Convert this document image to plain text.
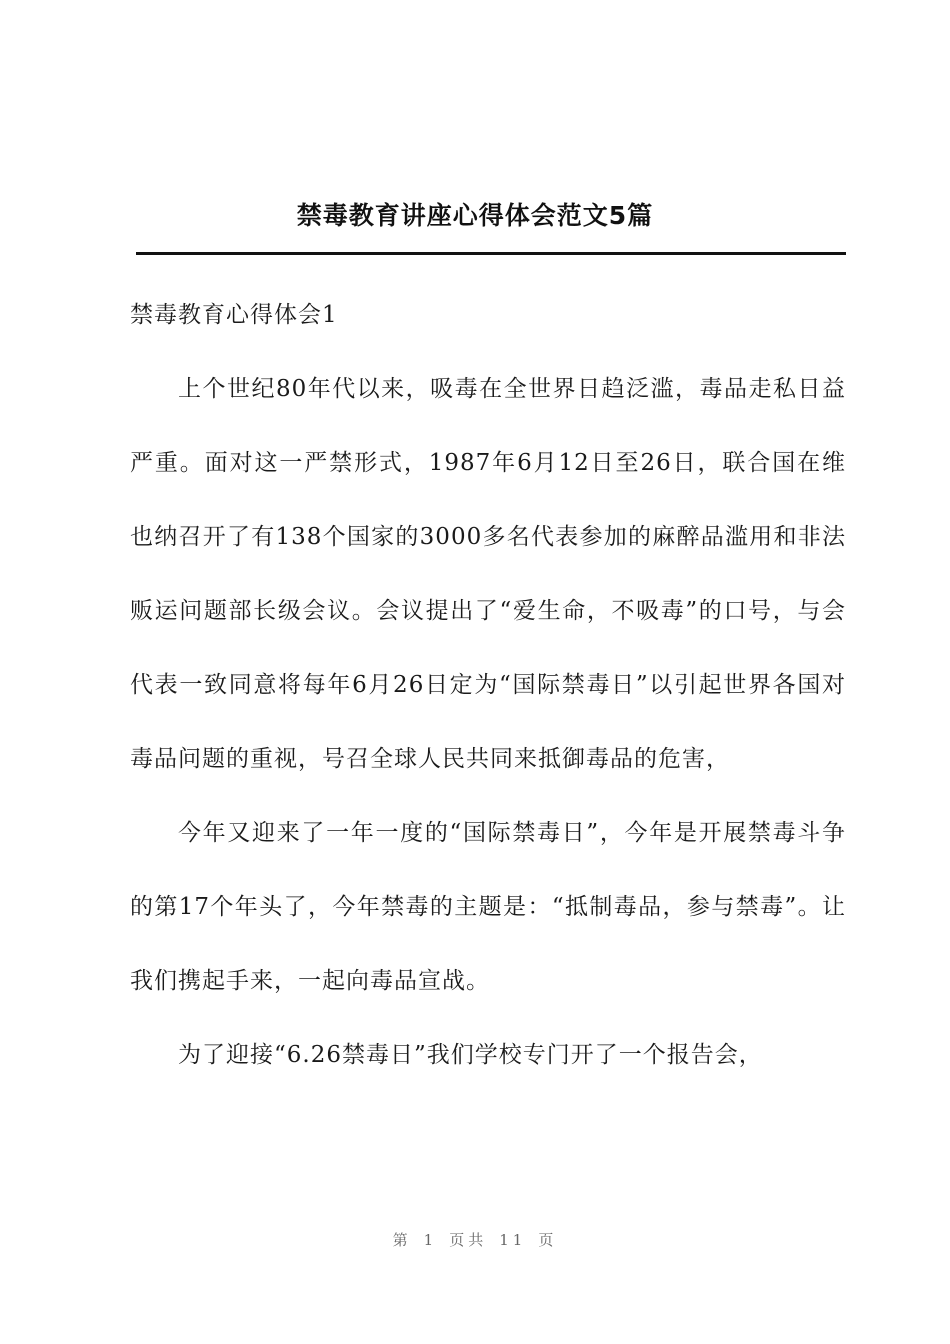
禁毒教育讲座心得体会范文5篇

禁毒教育心得体会1

上个世纪80年代以来，吸毒在全世界日趋泛滥，毒品走私日益严重。面对这一严禁形式，1987年6月12日至26日，联合国在维也纳召开了有138个国家的3000多名代表参加的麻醉品滥用和非法贩运问题部长级会议。会议提出了“爱生命，不吸毒”的口号，与会代表一致同意将每年6月26日定为“国际禁毒日”以引起世界各国对毒品问题的重视，号召全球人民共同来抵御毒品的危害，

今年又迎来了一年一度的“国际禁毒日”，今年是开展禁毒斗争的第17个年头了，今年禁毒的主题是：“抵制毒品，参与禁毒”。让我们携起手来，一起向毒品宣战。

为了迎接“6.26禁毒日”我们学校专门开了一个报告会，

第 1 页共 11 页
